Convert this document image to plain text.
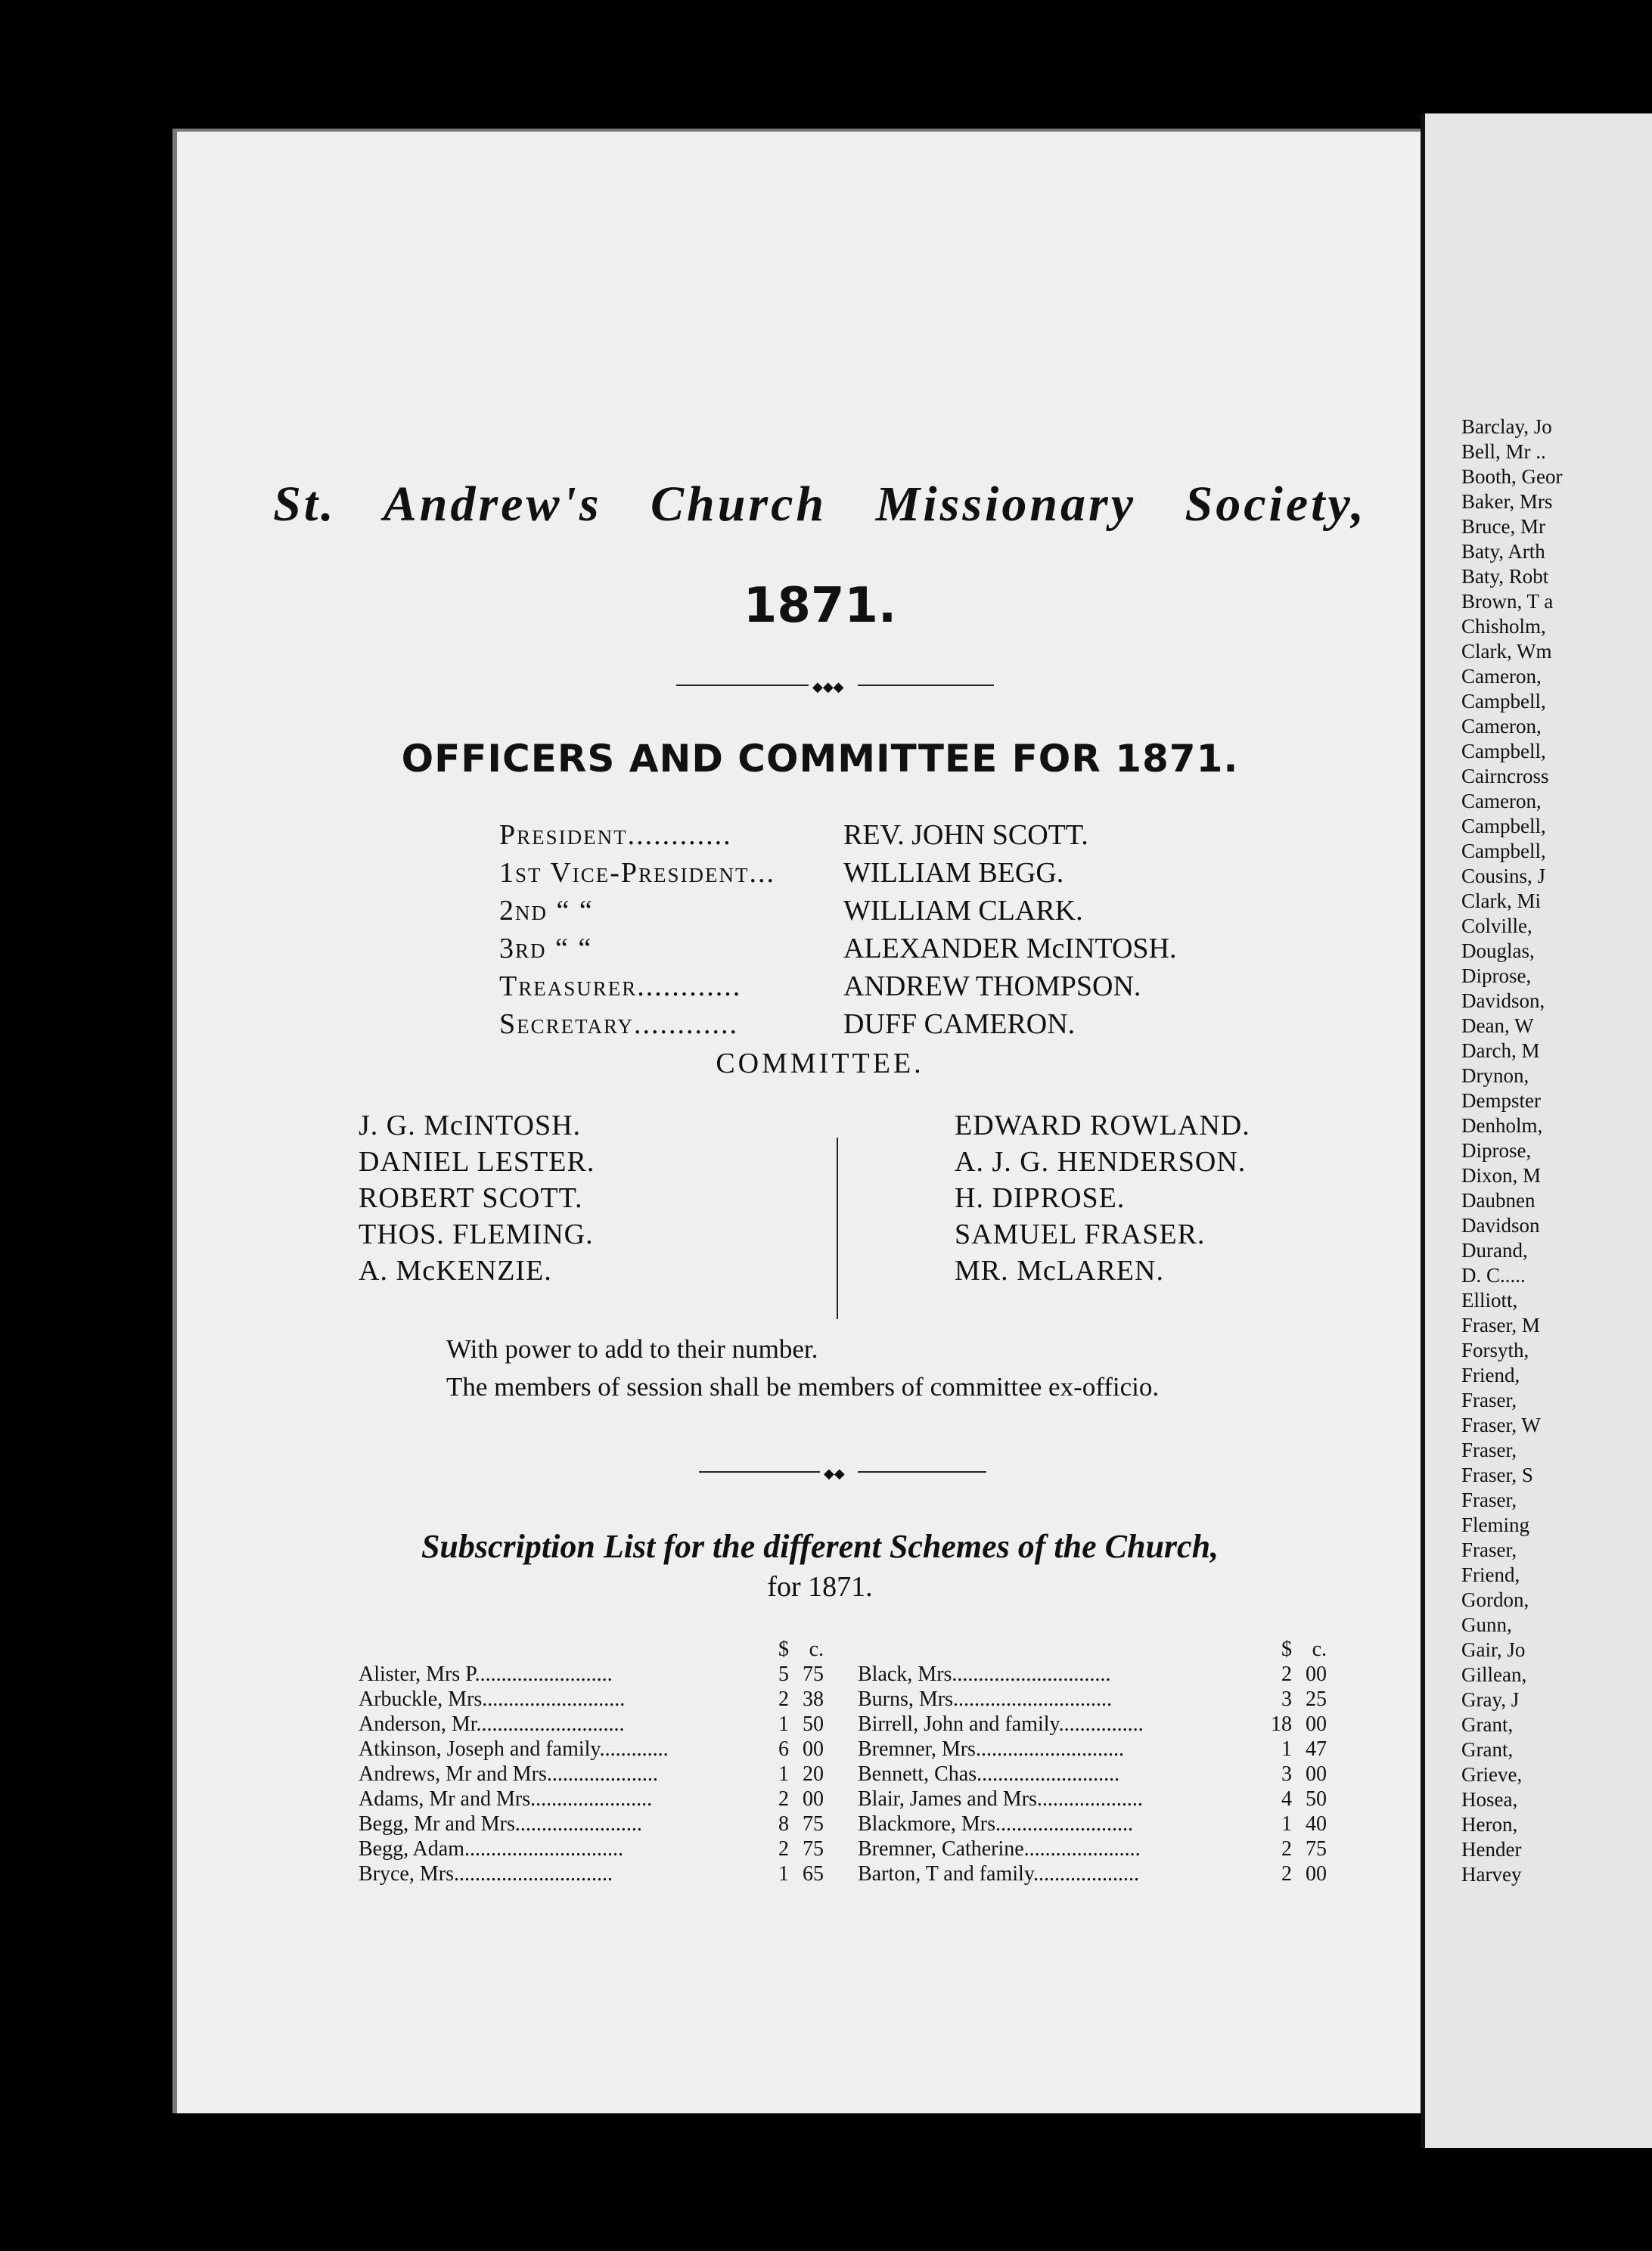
St. Andrew's Church Missionary Society,
1871.
◆◆◆
OFFICERS AND COMMITTEE FOR 1871.
President............	REV. JOHN SCOTT.
1st Vice-President...	WILLIAM BEGG.
2nd “ “	WILLIAM CLARK.
3rd “ “	ALEXANDER McINTOSH.
Treasurer............	ANDREW THOMPSON.
Secretary............	DUFF CAMERON.
COMMITTEE.
J. G. McINTOSH.
DANIEL LESTER.
ROBERT SCOTT.
THOS. FLEMING.
A. McKENZIE.
EDWARD ROWLAND.
A. J. G. HENDERSON.
H. DIPROSE.
SAMUEL FRASER.
MR. McLAREN.
With power to add to their number.
The members of session shall be members of committee ex-officio.
◆◆
Subscription List for the different Schemes of the Church,
for 1871.
$ c.
Alister, Mrs P..........................	5 75
Arbuckle, Mrs...........................	2 38
Anderson, Mr............................	1 50
Atkinson, Joseph and family.............	6 00
Andrews, Mr and Mrs.....................	1 20
Adams, Mr and Mrs.......................	2 00
Begg, Mr and Mrs........................	8 75
Begg, Adam..............................	2 75
Bryce, Mrs..............................	1 65
$ c.
Black, Mrs..............................	2 00
Burns, Mrs..............................	3 25
Birrell, John and family................	18 00
Bremner, Mrs............................	1 47
Bennett, Chas...........................	3 00
Blair, James and Mrs....................	4 50
Blackmore, Mrs..........................	1 40
Bremner, Catherine......................	2 75
Barton, T and family....................	2 00
Barclay, Jo
Bell, Mr ..
Booth, Geor
Baker, Mrs
Bruce, Mr
Baty, Arth
Baty, Robt
Brown, T a
Chisholm,
Clark, Wm
Cameron,
Campbell,
Cameron,
Campbell,
Cairncross
Cameron,
Campbell,
Campbell,
Cousins, J
Clark, Mi
Colville,
Douglas,
Diprose,
Davidson,
Dean, W
Darch, M
Drynon,
Dempster
Denholm,
Diprose,
Dixon, M
Daubnen
Davidson
Durand,
D. C.....
Elliott,
Fraser, M
Forsyth,
Friend,
Fraser,
Fraser, W
Fraser,
Fraser, S
Fraser,
Fleming
Fraser,
Friend,
Gordon,
Gunn,
Gair, Jo
Gillean,
Gray, J
Grant,
Grant,
Grieve,
Hosea,
Heron,
Hender
Harvey
